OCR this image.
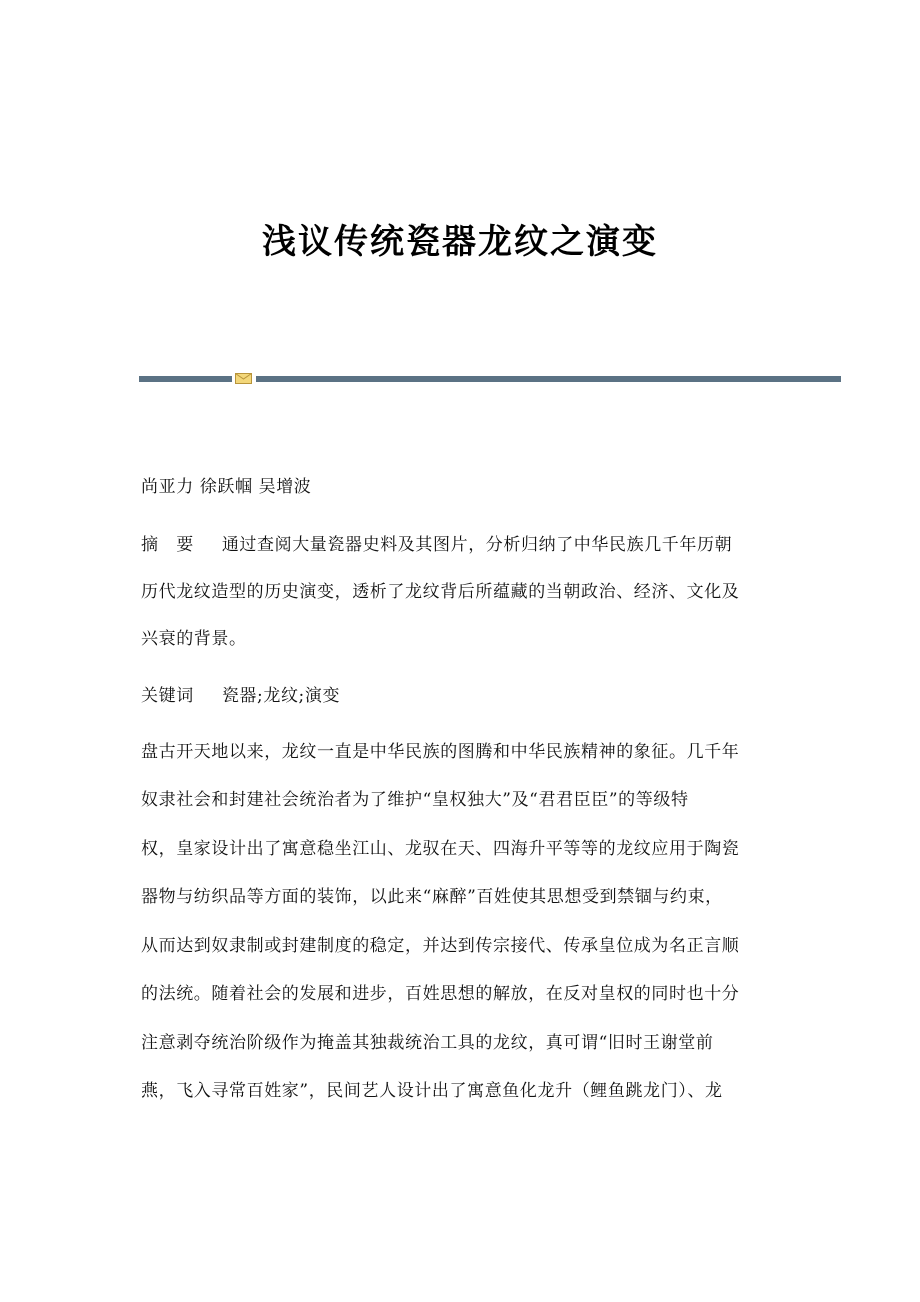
浅议传统瓷器龙纹之演变
尚亚力 徐跃帼 吴增波
摘　要 通过查阅大量瓷器史料及其图片，分析归纳了中华民族几千年历朝
历代龙纹造型的历史演变，透析了龙纹背后所蕴藏的当朝政治、经济、文化及
兴衰的背景。
关键词 瓷器;龙纹;演变
盘古开天地以来，龙纹一直是中华民族的图腾和中华民族精神的象征。几千年
奴隶社会和封建社会统治者为了维护“皇权独大”及“君君臣臣”的等级特
权，皇家设计出了寓意稳坐江山、龙驭在天、四海升平等等的龙纹应用于陶瓷
器物与纺织品等方面的装饰，以此来“麻醉”百姓使其思想受到禁锢与约束，
从而达到奴隶制或封建制度的稳定，并达到传宗接代、传承皇位成为名正言顺
的法统。随着社会的发展和进步，百姓思想的解放，在反对皇权的同时也十分
注意剥夺统治阶级作为掩盖其独裁统治工具的龙纹，真可谓“旧时王谢堂前
燕，飞入寻常百姓家”，民间艺人设计出了寓意鱼化龙升（鲤鱼跳龙门）、龙
